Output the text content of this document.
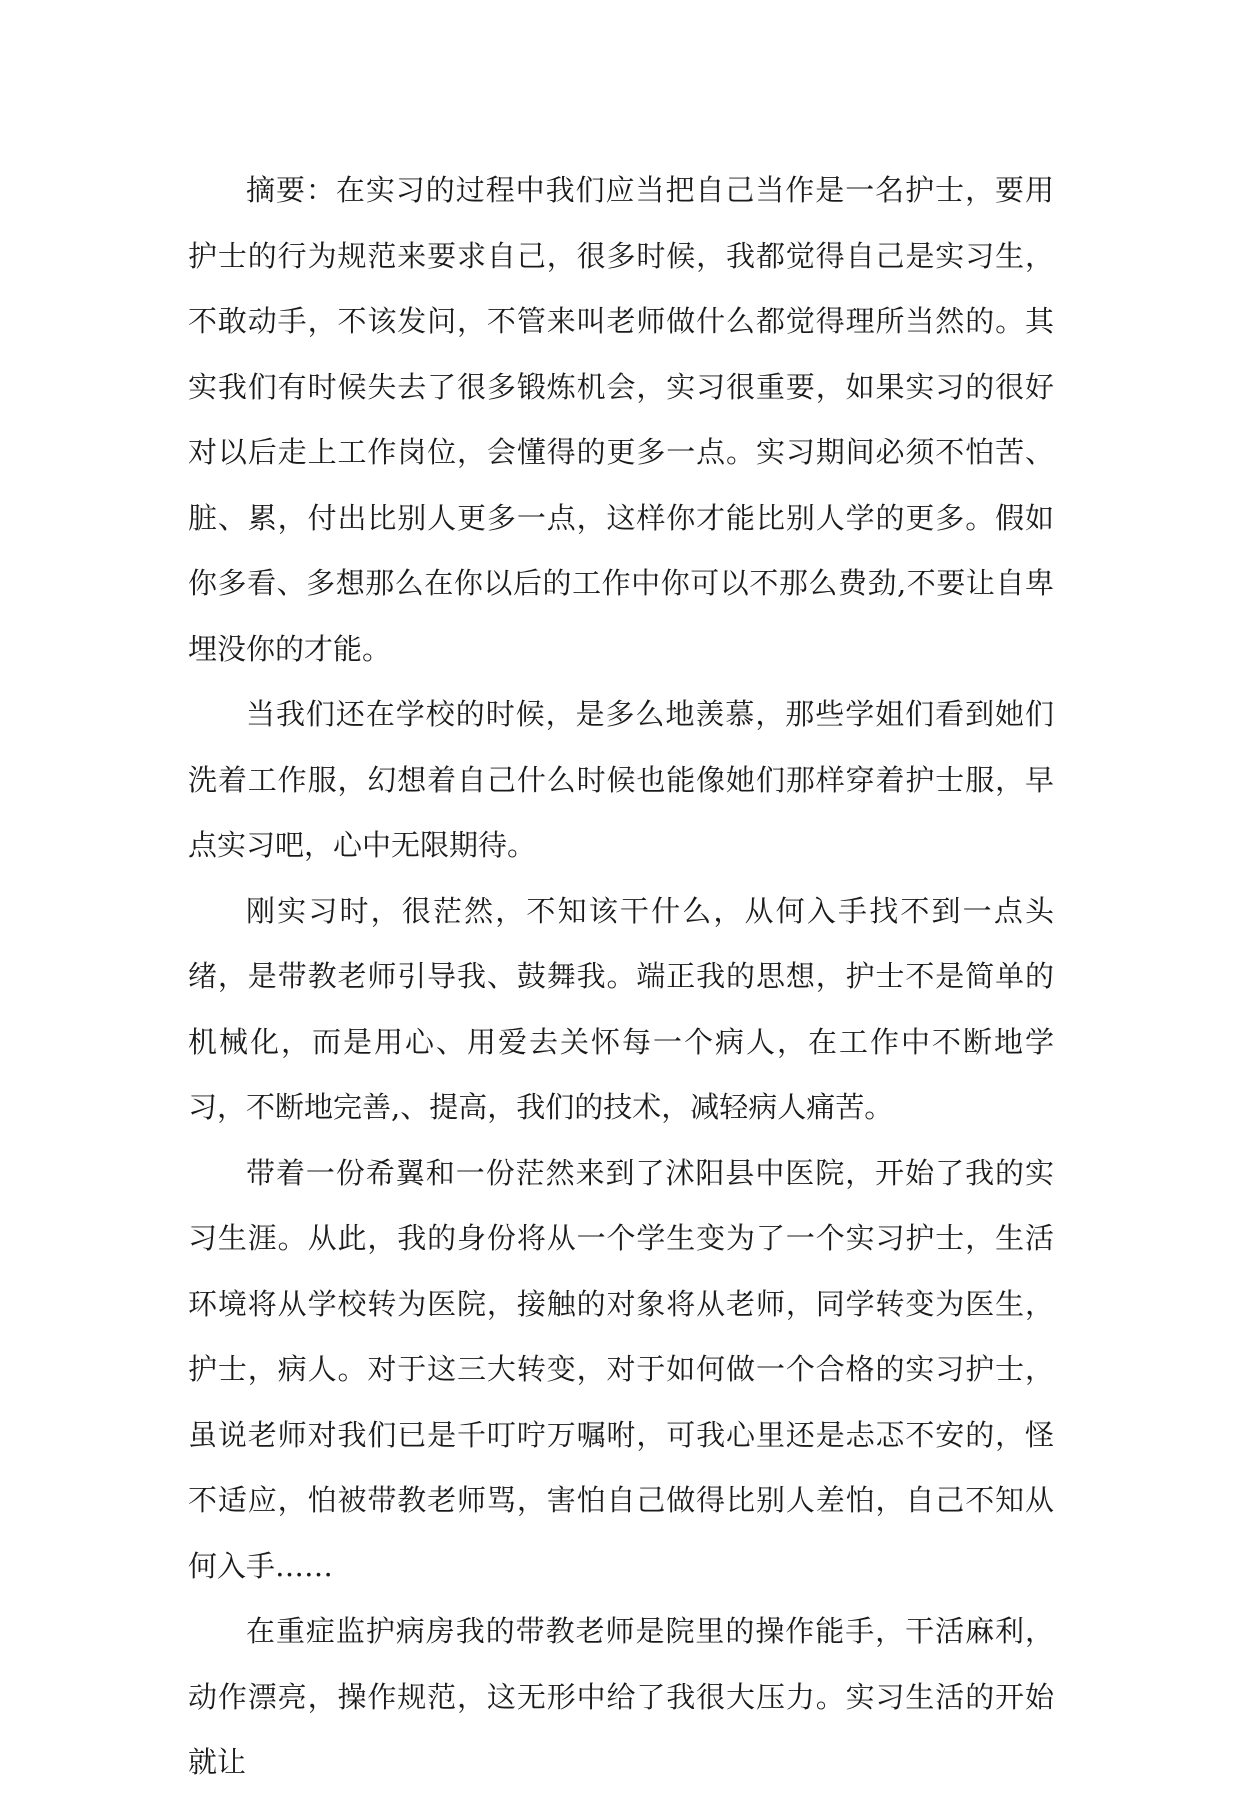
摘要：在实习的过程中我们应当把自己当作是一名护士，要用护士的行为规范来要求自己，很多时候，我都觉得自己是实习生，不敢动手，不该发问，不管来叫老师做什么都觉得理所当然的。其实我们有时候失去了很多锻炼机会，实习很重要，如果实习的很好对以后走上工作岗位，会懂得的更多一点。实习期间必须不怕苦、脏、累，付出比别人更多一点，这样你才能比别人学的更多。假如你多看、多想那么在你以后的工作中你可以不那么费劲,不要让自卑埋没你的才能。

当我们还在学校的时候，是多么地羡慕，那些学姐们看到她们洗着工作服，幻想着自己什么时候也能像她们那样穿着护士服，早点实习吧，心中无限期待。

刚实习时，很茫然，不知该干什么，从何入手找不到一点头绪，是带教老师引导我、鼓舞我。端正我的思想，护士不是简单的机械化，而是用心、用爱去关怀每一个病人，在工作中不断地学习，不断地完善,、提高，我们的技术，减轻病人痛苦。

带着一份希翼和一份茫然来到了沭阳县中医院，开始了我的实习生涯。从此，我的身份将从一个学生变为了一个实习护士，生活环境将从学校转为医院，接触的对象将从老师，同学转变为医生，护士，病人。对于这三大转变，对于如何做一个合格的实习护士，虽说老师对我们已是千叮咛万嘱咐，可我心里还是忐忑不安的，怪不适应，怕被带教老师骂，害怕自己做得比别人差怕，自己不知从何入手……

在重症监护病房我的带教老师是院里的操作能手，干活麻利，动作漂亮，操作规范，这无形中给了我很大压力。实习生活的开始就让
